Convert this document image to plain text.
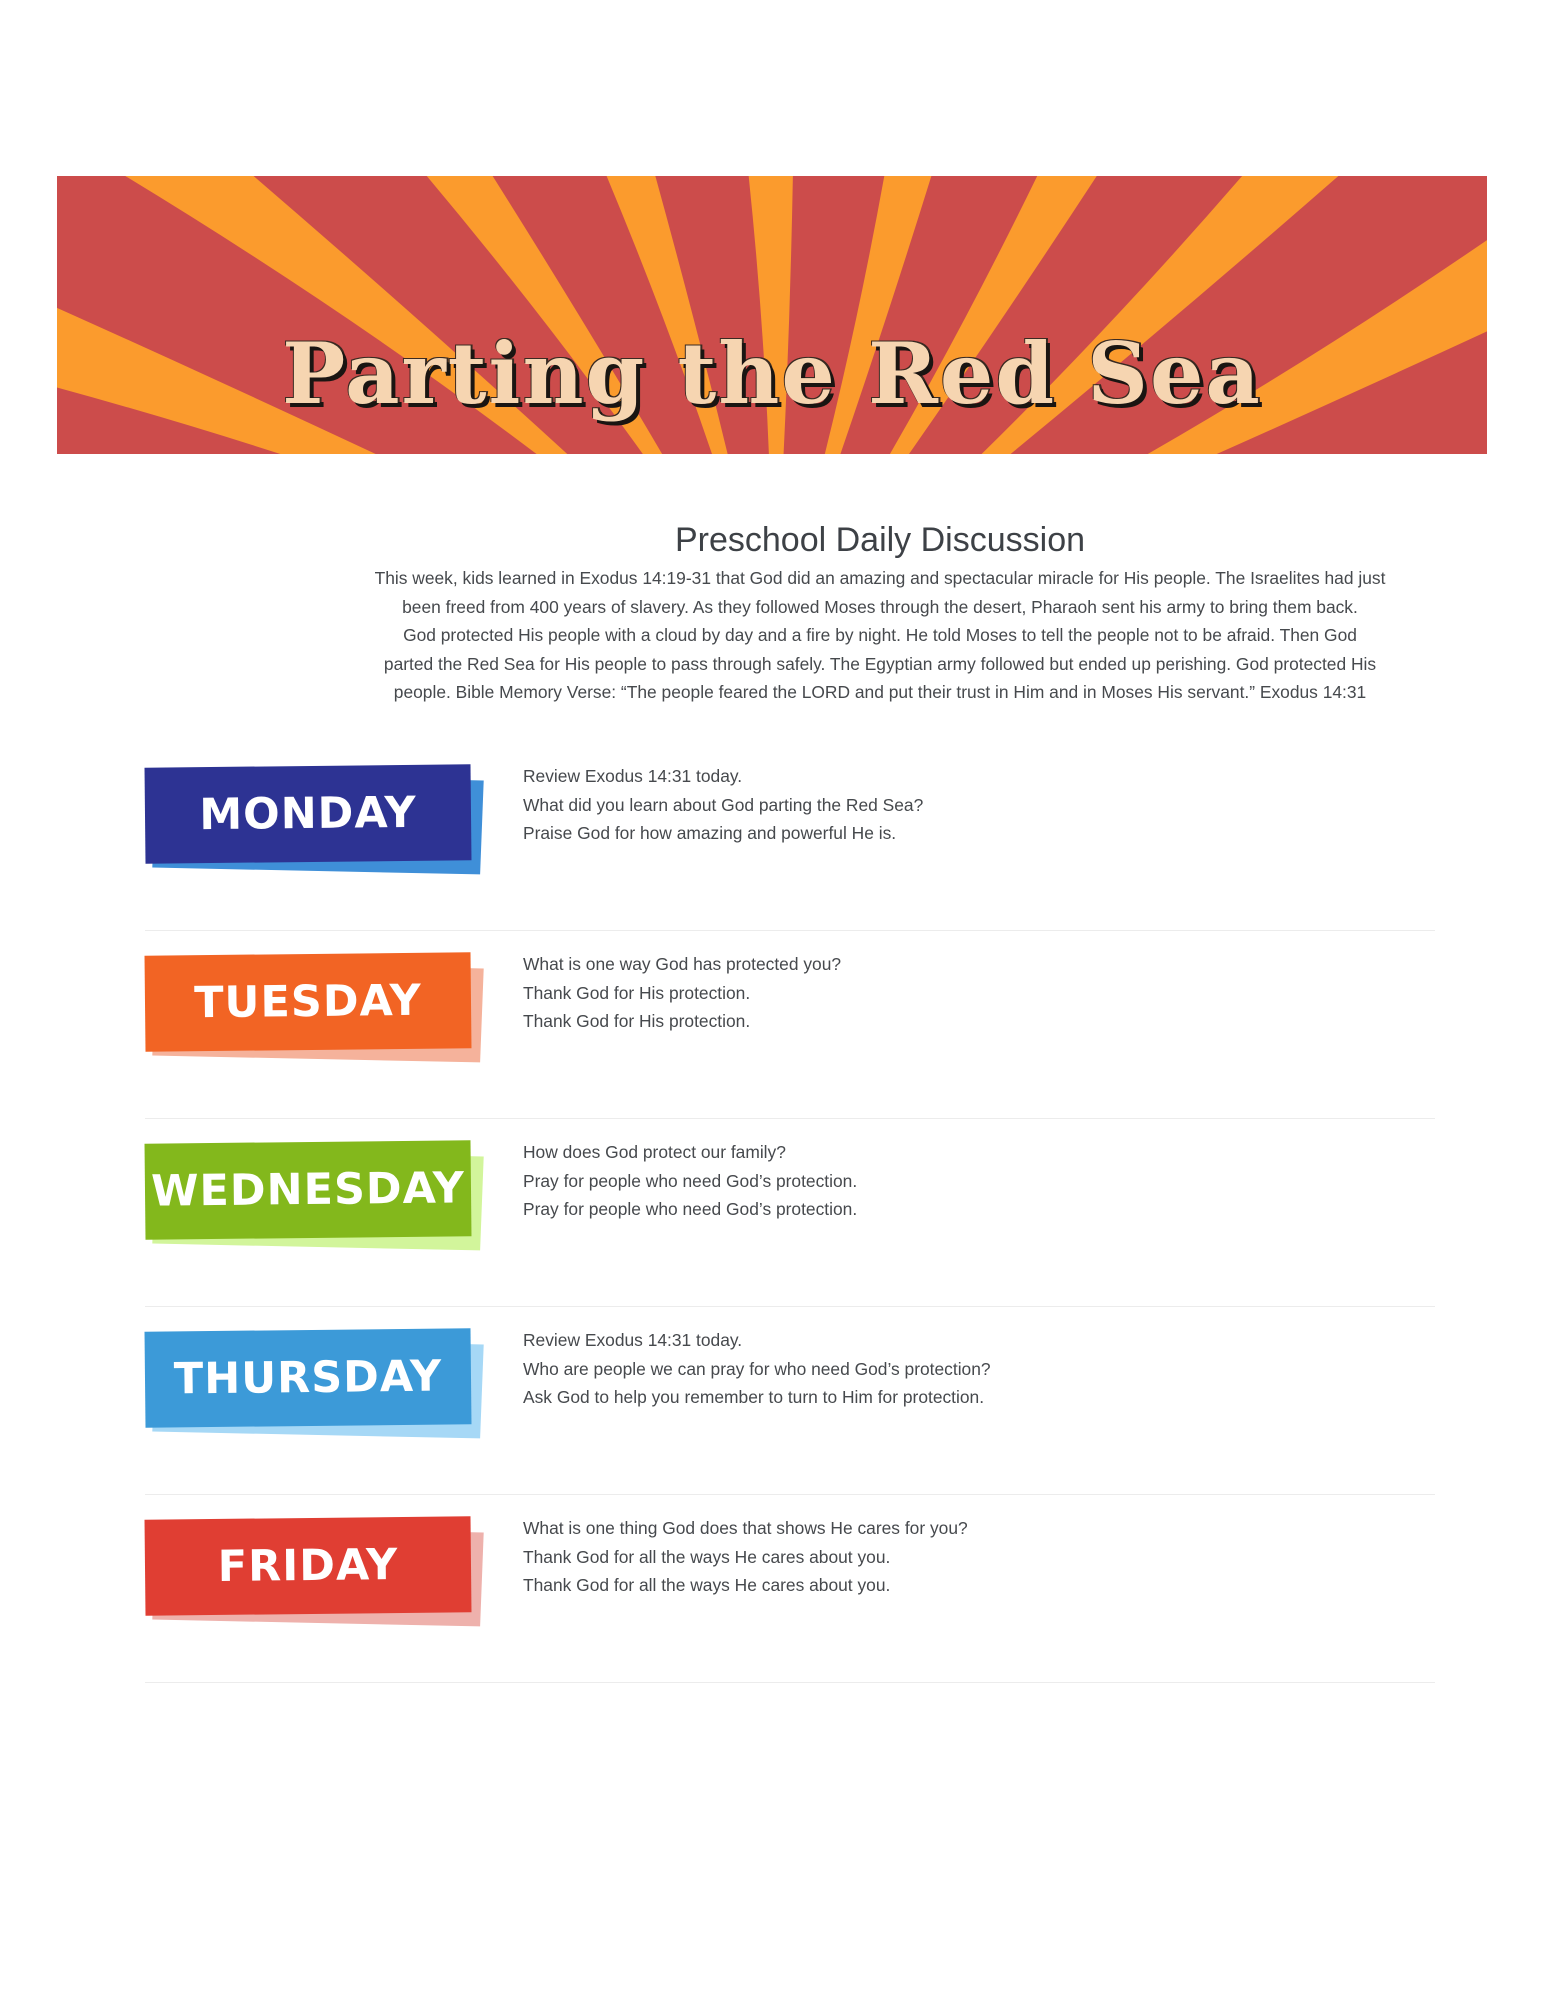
Parting the Red Sea
Preschool Daily Discussion

This week, kids learned in Exodus 14:19-31 that God did an amazing and spectacular miracle for His people. The Israelites had just
been freed from 400 years of slavery. As they followed Moses through the desert, Pharaoh sent his army to bring them back.
God protected His people with a cloud by day and a fire by night. He told Moses to tell the people not to be afraid. Then God
parted the Red Sea for His people to pass through safely. The Egyptian army followed but ended up perishing. God protected His
people. Bible Memory Verse: “The people feared the LORD and put their trust in Him and in Moses His servant.” Exodus 14:31

MONDAY
Review Exodus 14:31 today.
What did you learn about God parting the Red Sea?
Praise God for how amazing and powerful He is.
TUESDAY
What is one way God has protected you?
Thank God for His protection.
Thank God for His protection.
WEDNESDAY
How does God protect our family?
Pray for people who need God’s protection.
Pray for people who need God’s protection.
THURSDAY
Review Exodus 14:31 today.
Who are people we can pray for who need God’s protection?
Ask God to help you remember to turn to Him for protection.
FRIDAY
What is one thing God does that shows He cares for you?
Thank God for all the ways He cares about you.
Thank God for all the ways He cares about you.
